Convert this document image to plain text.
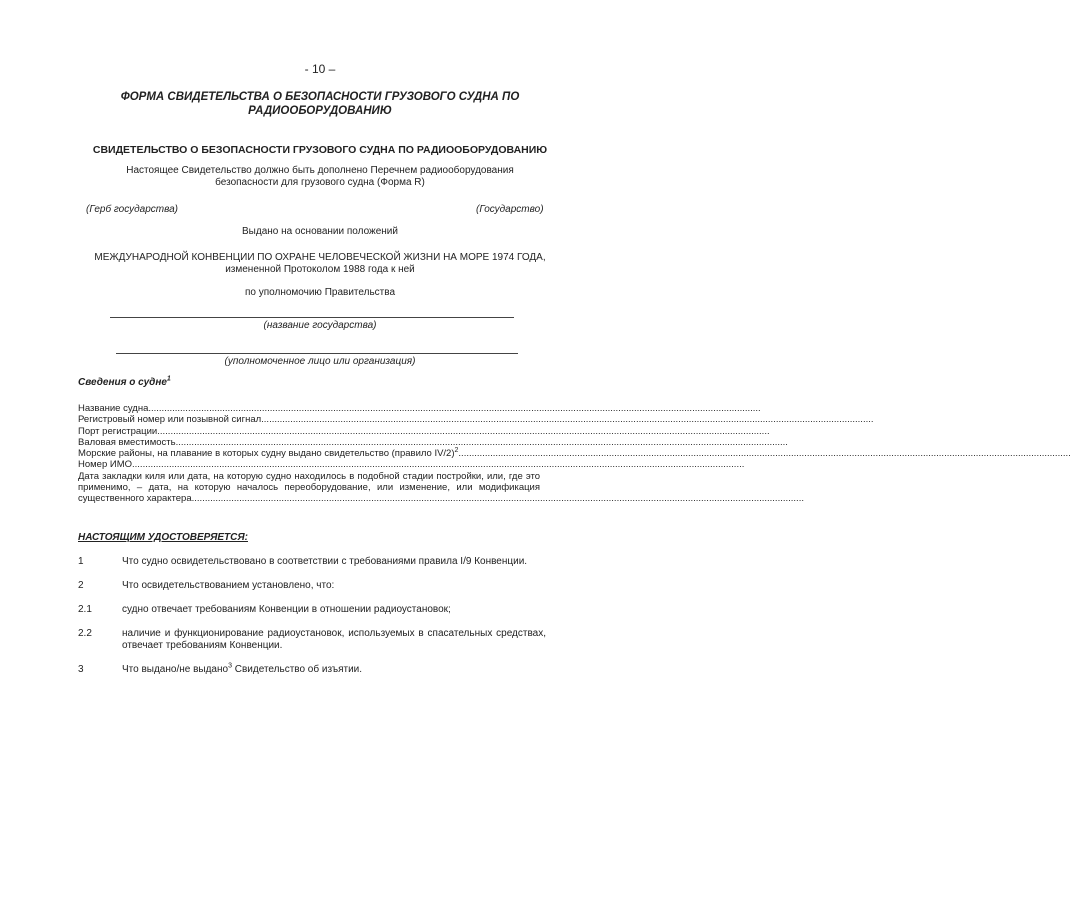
- 10 –
ФОРМА СВИДЕТЕЛЬСТВА О БЕЗОПАСНОСТИ ГРУЗОВОГО СУДНА ПО
РАДИООБОРУДОВАНИЮ
СВИДЕТЕЛЬСТВО О БЕЗОПАСНОСТИ ГРУЗОВОГО СУДНА ПО РАДИООБОРУДОВАНИЮ
Настоящее Свидетельство должно быть дополнено Перечнем радиооборудования
безопасности для грузового судна (Форма R)
(Герб государства)	(Государство)
Выдано на основании положений
МЕЖДУНАРОДНОЙ КОНВЕНЦИИ ПО ОХРАНЕ ЧЕЛОВЕЧЕСКОЙ ЖИЗНИ НА МОРЕ 1974 ГОДА,
измененной Протоколом 1988 года к ней
по уполномочию Правительства
(название государства)
(уполномоченное лицо или организация)
Сведения о судне$^1$
Название судна........................................................................................................................................................................................................................................
Регистровый номер или позывной сигнал........................................................................................................................................................................................................................................
Порт регистрации........................................................................................................................................................................................................................................
Валовая вместимость........................................................................................................................................................................................................................................
Морские районы, на плавание в которых судну выдано свидетельство (правило IV/2)$^2$........................................................................................................................................................................................................................................
Номер ИМО........................................................................................................................................................................................................................................
Дата закладки киля или дата, на которую судно находилось в подобной стадии постройки, или, где это применимо, – дата, на которую началось переоборудование, или изменение, или модификация существенного характера........................................................................................................................................................................................................................................
НАСТОЯЩИМ УДОСТОВЕРЯЕТСЯ:
1	Что судно освидетельствовано в соответствии с требованиями правила I/9 Конвенции.
2	Что освидетельствованием установлено, что:
2.1	судно отвечает требованиям Конвенции в отношении радиоустановок;
2.2	наличие и функционирование радиоустановок, используемых в спасательных средствах, отвечает требованиям Конвенции.
3	Что выдано/не выдано$^3$ Свидетельство об изъятии.
